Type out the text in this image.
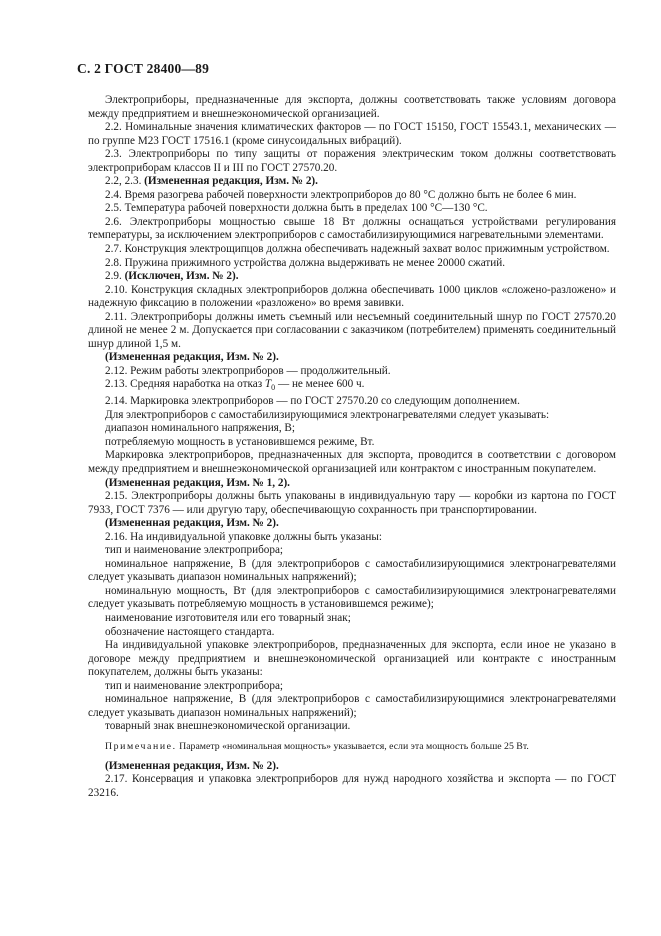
С. 2 ГОСТ 28400—89

Электроприборы, предназначенные для экспорта, должны соответствовать также условиям договора между предприятием и внешнеэкономической организацией.

2.2. Номинальные значения климатических факторов — по ГОСТ 15150, ГОСТ 15543.1, механических — по группе М23 ГОСТ 17516.1 (кроме синусоидальных вибраций).

2.3. Электроприборы по типу защиты от поражения электрическим током должны соответствовать электроприборам классов II и III по ГОСТ 27570.20.

2.2, 2.3. (Измененная редакция, Изм. № 2).

2.4. Время разогрева рабочей поверхности электроприборов до 80 °С должно быть не более 6 мин.

2.5. Температура рабочей поверхности должна быть в пределах 100 °С—130 °С.

2.6. Электроприборы мощностью свыше 18 Вт должны оснащаться устройствами регулирования температуры, за исключением электроприборов с самостабилизирующимися нагревательными элементами.

2.7. Конструкция электрощипцов должна обеспечивать надежный захват волос прижимным устройством.

2.8. Пружина прижимного устройства должна выдерживать не менее 20000 сжатий.

2.9. (Исключен, Изм. № 2).

2.10. Конструкция складных электроприборов должна обеспечивать 1000 циклов «сложено-разложено» и надежную фиксацию в положении «разложено» во время завивки.

2.11. Электроприборы должны иметь съемный или несъемный соединительный шнур по ГОСТ 27570.20 длиной не менее 2 м. Допускается при согласовании с заказчиком (потребителем) применять соединительный шнур длиной 1,5 м.

(Измененная редакция, Изм. № 2).

2.12. Режим работы электроприборов — продолжительный.

2.13. Средняя наработка на отказ $T_0$ — не менее 600 ч.

2.14. Маркировка электроприборов — по ГОСТ 27570.20 со следующим дополнением.

Для электроприборов с самостабилизирующимися электронагревателями следует указывать:

диапазон номинального напряжения, В;

потребляемую мощность в установившемся режиме, Вт.

Маркировка электроприборов, предназначенных для экспорта, проводится в соответствии с договором между предприятием и внешнеэкономической организацией или контрактом с иностранным покупателем.

(Измененная редакция, Изм. № 1, 2).

2.15. Электроприборы должны быть упакованы в индивидуальную тару — коробки из картона по ГОСТ 7933, ГОСТ 7376 — или другую тару, обеспечивающую сохранность при транспортировании.

(Измененная редакция, Изм. № 2).

2.16. На индивидуальной упаковке должны быть указаны:

тип и наименование электроприбора;

номинальное напряжение, В (для электроприборов с самостабилизирующимися электронагревателями следует указывать диапазон номинальных напряжений);

номинальную мощность, Вт (для электроприборов с самостабилизирующимися электронагревателями следует указывать потребляемую мощность в установившемся режиме);

наименование изготовителя или его товарный знак;

обозначение настоящего стандарта.

На индивидуальной упаковке электроприборов, предназначенных для экспорта, если иное не указано в договоре между предприятием и внешнеэкономической организацией или контракте с иностранным покупателем, должны быть указаны:

тип и наименование электроприбора;

номинальное напряжение, В (для электроприборов с самостабилизирующимися электронагревателями следует указывать диапазон номинальных напряжений);

товарный знак внешнеэкономической организации.

Примечание. Параметр «номинальная мощность» указывается, если эта мощность больше 25 Вт.

(Измененная редакция, Изм. № 2).

2.17. Консервация и упаковка электроприборов для нужд народного хозяйства и экспорта — по ГОСТ 23216.
